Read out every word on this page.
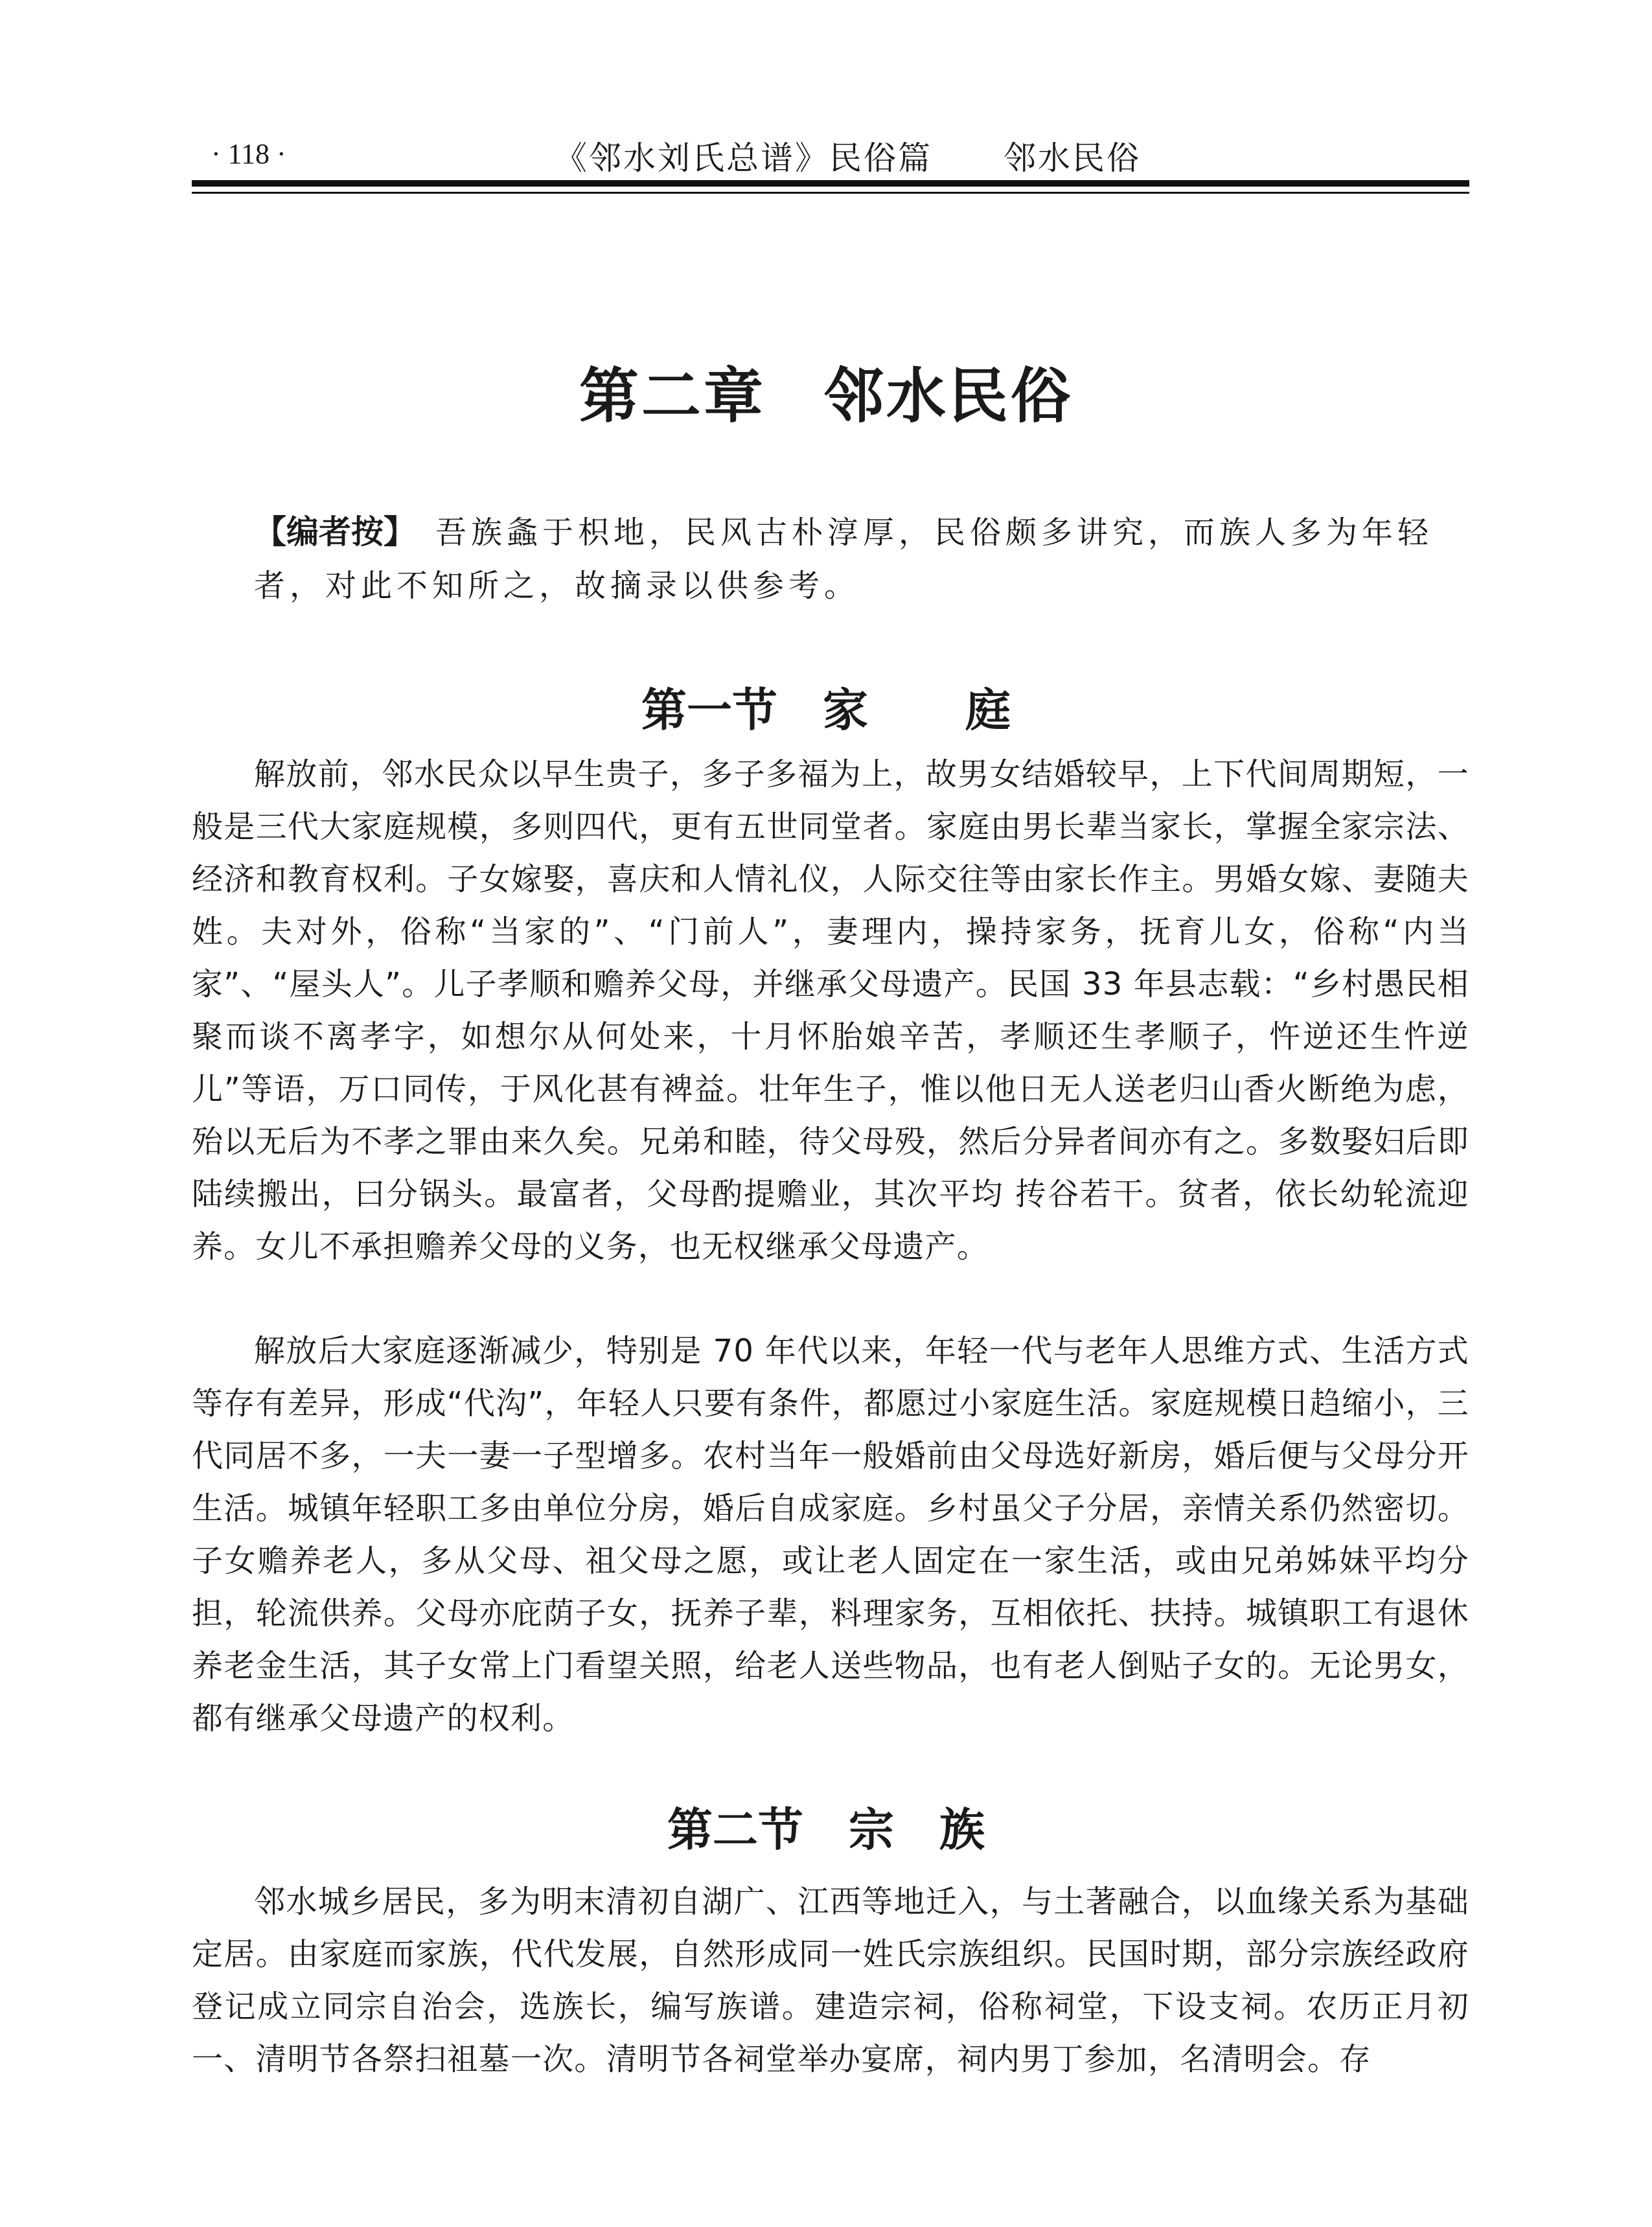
· 118 ·	《邻水刘氏总谱》民俗篇 邻水民俗
第二章 邻水民俗
【编者按】 吾族螽于枳地，民风古朴淳厚，民俗颇多讲究，而族人多为年轻者，对此不知所之，故摘录以供参考。
第一节 家 庭

解放前，邻水民众以早生贵子，多子多福为上，故男女结婚较早，上下代间周期短，一般是三代大家庭规模，多则四代，更有五世同堂者。家庭由男长辈当家长，掌握全家宗法、经济和教育权利。子女嫁娶，喜庆和人情礼仪，人际交往等由家长作主。男婚女嫁、妻随夫姓。夫对外，俗称“当家的”、“门前人”，妻理内，操持家务，抚育儿女，俗称“内当家”、“屋头人”。儿子孝顺和赡养父母，并继承父母遗产。民国 33 年县志载：“乡村愚民相聚而谈不离孝字，如想尔从何处来，十月怀胎娘辛苦，孝顺还生孝顺子，忤逆还生忤逆儿”等语，万口同传，于风化甚有裨益。壮年生子，惟以他日无人送老归山香火断绝为虑，殆以无后为不孝之罪由来久矣。兄弟和睦，待父母殁，然后分异者间亦有之。多数娶妇后即陆续搬出，曰分锅头。最富者，父母酌提赡业，其次平均 抟谷若干。贫者，依长幼轮流迎养。女儿不承担赡养父母的义务，也无权继承父母遗产。

解放后大家庭逐渐减少，特别是 70 年代以来，年轻一代与老年人思维方式、生活方式等存有差异，形成“代沟”，年轻人只要有条件，都愿过小家庭生活。家庭规模日趋缩小，三代同居不多，一夫一妻一子型增多。农村当年一般婚前由父母选好新房，婚后便与父母分开生活。城镇年轻职工多由单位分房，婚后自成家庭。乡村虽父子分居，亲情关系仍然密切。子女赡养老人，多从父母、祖父母之愿，或让老人固定在一家生活，或由兄弟姊妹平均分担，轮流供养。父母亦庇荫子女，抚养子辈，料理家务，互相依托、扶持。城镇职工有退休养老金生活，其子女常上门看望关照，给老人送些物品，也有老人倒贴子女的。无论男女，都有继承父母遗产的权利。

第二节 宗 族

邻水城乡居民，多为明末清初自湖广、江西等地迁入，与土著融合，以血缘关系为基础定居。由家庭而家族，代代发展，自然形成同一姓氏宗族组织。民国时期，部分宗族经政府登记成立同宗自治会，选族长，编写族谱。建造宗祠，俗称祠堂，下设支祠。农历正月初一、清明节各祭扫祖墓一次。清明节各祠堂举办宴席，祠内男丁参加，名清明会。存
